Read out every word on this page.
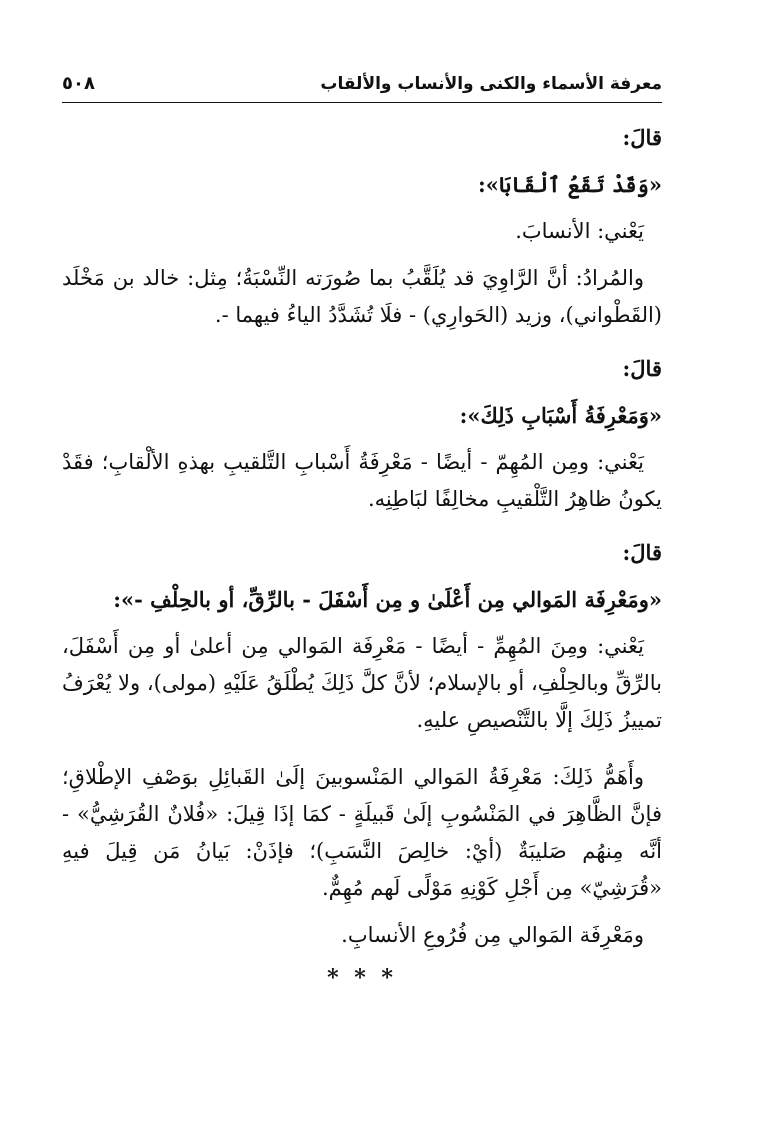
معرفة الأسماء والكنى والأنساب والألقاب
٥٠٨

قالَ:

«وَقَدْ تَقَعُ ٱلْقَابَا»:

يَعْني: الأنسابَ.

والمُرادُ: أنَّ الرَّاوِيَ قد يُلَقَّبُ بما صُورَته النِّسْبَةُ؛ مِثل: خالد بن مَخْلَد (القَطْواني)، وزيد (الحَوارِي) - فلَا تُشَدَّدُ الياءُ فيهما -.

قالَ:

«وَمَعْرِفَةُ أَسْبَابِ ذَلِكَ»:

يَعْني: ومِن المُهِمّ - أيضًا - مَعْرِفَةُ أَسْبابِ التَّلقيبِ بهذهِ الألْقابِ؛ فقَدْ يكونُ ظاهِرُ التَّلْقيبِ مخالِفًا لبَاطِنِه.

قالَ:

«ومَعْرِفَة المَوالي مِن أَعْلَىٰ و مِن أَسْفَلَ - بالرِّقِّ، أو بالحِلْفِ -»:

يَعْني: ومِنَ المُهِمِّ - أيضًا - مَعْرِفَة المَوالي مِن أعلىٰ أو مِن أَسْفَلَ، بالرِّقِّ وبالحِلْفِ، أو بالإسلام؛ لأنَّ كلَّ ذَلِكَ يُطْلَقُ عَلَيْهِ (مولى)، ولا يُعْرَفُ تمييزُ ذَلِكَ إلَّا بالتَّنْصيصِ عليهِ.

وأَهَمُّ ذَلِكَ: مَعْرِفَةُ المَوالي المَنْسوبينَ إلَىٰ القَبائِلِ بوَصْفِ الإطْلاقِ؛ فإنَّ الظَّاهِرَ في المَنْسُوبِ إلَىٰ قَبيلَةٍ - كمَا إذَا قِيلَ: «فُلانٌ القُرَشِيُّ» - أنَّه مِنهُم صَليبَةٌ (أيْ: خالِصَ النَّسَبِ)؛ فإذَنْ: بَيانُ مَن قِيلَ فيهِ «قُرَشِيّ» مِن أَجْلِ كَوْنِهِ مَوْلًى لَهم مُهِمٌّ.

ومَعْرِفَة المَوالي مِن فُرُوعِ الأنسابِ.

* * *
